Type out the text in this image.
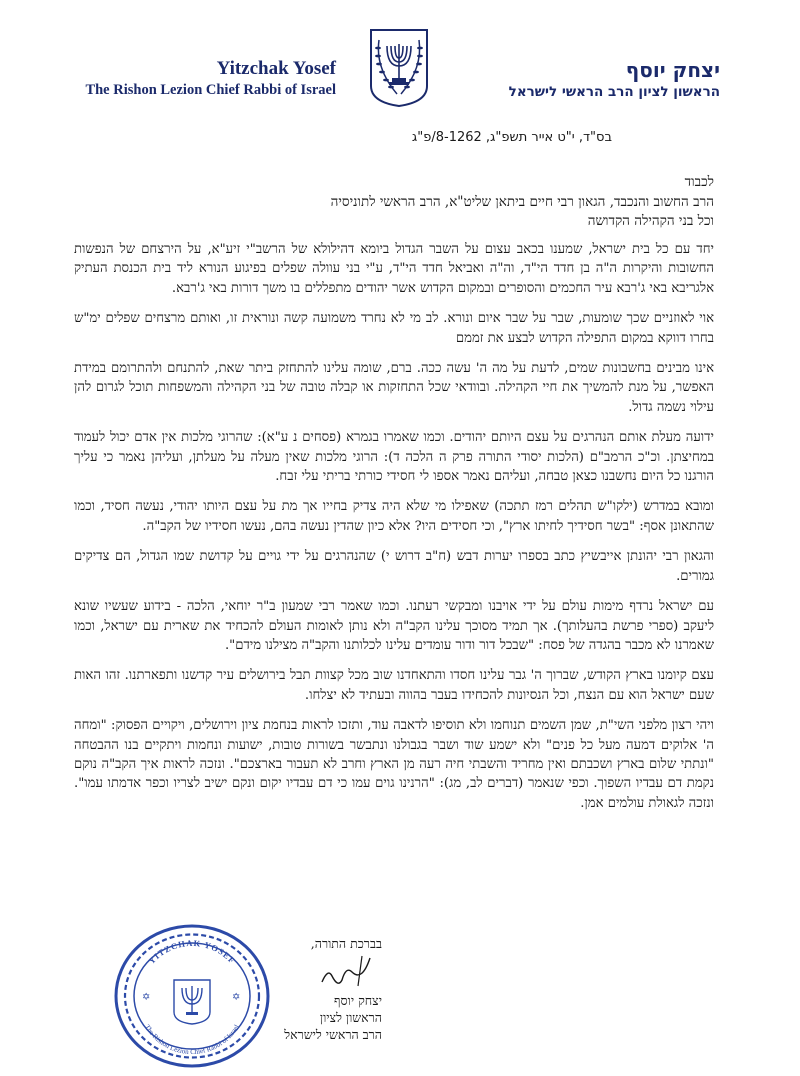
Yitzchak Yosef
The Rishon Lezion Chief Rabbi of Israel
יצחק יוסף
הראשון לציון הרב הראשי לישראל
בס"ד, י"ט אייר תשפ"ג, 8-1262/פ"ג
לכבוד
הרב החשוב והנכבד, הגאון רבי חיים ביתאן שליט"א, הרב הראשי לתוניסיה
וכל בני הקהילה הקדושה

יחד עם כל בית ישראל, שמענו בכאב עצום על השבר הגדול ביומא דהילולא של הרשב"י זיע"א, על הירצחם של הנפשות החשובות והיקרות ה"ה בן חדד הי"ד, וה"ה ואביאל חדד הי"ד, ע"י בני עוולה שפלים בפיגוע הנורא ליד בית הכנסת העתיק אלגריבא באי ג'רבא עיר החכמים והסופרים ובמקום הקדוש אשר יהודים מתפללים בו משך דורות באי ג'רבא.

אוי לאוזניים שכך שומעות, שבר על שבר איום ונורא. לב מי לא נחרד משמועה קשה ונוראית זו, ואותם מרצחים שפלים ימ"ש בחרו דווקא במקום התפילה הקדוש לבצע את זממם

אינו מבינים בחשבונות שמים, לדעת על מה ה' עשה ככה. ברם, שומה עלינו להתחזק ביתר שאת, להתנחם ולהתרומם במידת האפשר, על מנת להמשיך את חיי הקהילה. ובוודאי שכל התחזקות או קבלה טובה של בני הקהילה והמשפחות תוכל לגרום להן עילוי נשמה גדול.

ידועה מעלת אותם הנהרגים על עצם היותם יהודים. וכמו שאמרו בגמרא (פסחים נ ע"א): שהרוגי מלכות אין אדם יכול לעמוד במחיצתן. וכ"כ הרמב"ם (הלכות יסודי התורה פרק ה הלכה ד): הרוגי מלכות שאין מעלה על מעלתן, ועליהן נאמר כי עליך הורגנו כל היום נחשבנו כצאן טבחה, ועליהם נאמר אספו לי חסידי כורתי בריתי עלי זבח.

ומובא במדרש (ילקו"ש תהלים רמז תתכה) שאפילו מי שלא היה צדיק בחייו אך מת על עצם היותו יהודי, נעשה חסיד, וכמו שהתאונן אסף: "בשר חסידיך לחיתו ארץ", וכי חסידים היו? אלא כיון שהדין נעשה בהם, נעשו חסידיו של הקב"ה.

והגאון רבי יהונתן אייבשיץ כתב בספרו יערות דבש (ח"ב דרוש י) שהנהרגים על ידי גויים על קדושת שמו הגדול, הם צדיקים גמורים.

עם ישראל נרדף מימות עולם על ידי אויבנו ומבקשי רעתנו. וכמו שאמר רבי שמעון ב"ר יוחאי, הלכה - בידוע שעשיו שונא ליעקב (ספרי פרשת בהעלותך). אך תמיד מסוכך עלינו הקב"ה ולא נותן לאומות העולם להכחיד את שארית עם ישראל, וכמו שאמרנו לא מכבר בהגדה של פסח: "שבכל דור ודור עומדים עלינו לכלותנו והקב"ה מצילנו מידם".

עצם קיומנו בארץ הקודש, שברוך ה' גבר עלינו חסדו והתאחדנו שוב מכל קצוות תבל בירושלים עיר קדשנו ותפארתנו. זהו האות שעם ישראל הוא עם הנצח, וכל הנסיונות להכחידו בעבר בהווה ובעתיד לא יצלחו.

ויהי רצון מלפני השי"ת, שמן השמים תנוחמו ולא תוסיפו לדאבה עוד, ותזכו לראות בנחמת ציון וירושלים, ויקויים הפסוק: "ומחה ה' אלוקים דמעה מעל כל פנים" ולא ישמע שוד ושבר בגבולנו ונתבשר בשורות טובות, ישועות ונחמות ויתקיים בנו ההבטחה "ונתתי שלום בארץ ושכבתם ואין מחריד והשבתי חיה רעה מן הארץ וחרב לא תעבור בארצכם". ונזכה לראות איך הקב"ה נוקם נקמת דם עבדיו השפוך. וכפי שנאמר (דברים לב, מג): "הרנינו גוים עמו כי דם עבדיו יקום ונקם ישיב לצריו וכפר אדמתו עמו". ונזכה לגאולת עולמים אמן.

בברכת התורה,
יצחק יוסף
הראשון לציון
הרב הראשי לישראל
YITZCHAK YOSEF
The Rishon Lezion Chief Rabbi of Israel
✡	✡
